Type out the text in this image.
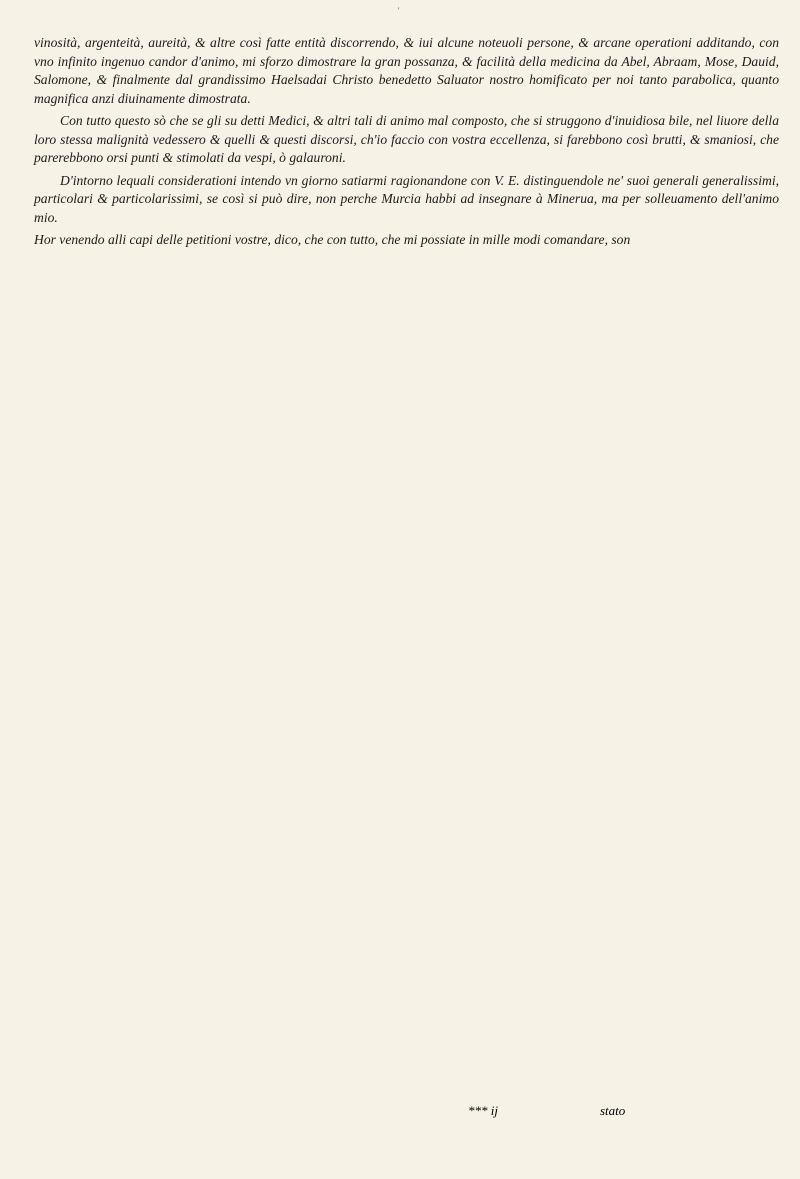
'

vinosità, argenteità, aureità, & altre così fatte entità discorrendo, & iui alcune noteuoli persone, & arcane operationi additando, con vno infinito ingenuo candor d'animo, mi sforzo dimostrare la gran possanza, & facilità della medicina da Abel, Abraam, Mose, Dauid, Salomone, & finalmente dal grandissimo Haelsadai Christo benedetto Saluator nostro homificato per noi tanto parabolica, quanto magnifica anzi diuinamente dimostrata.

Con tutto questo sò che se gli su detti Medici, & altri tali di animo mal composto, che si struggono d'inuidiosa bile, nel liuore della loro stessa malignità vedessero & quelli & questi discorsi, ch'io faccio con vostra eccellenza, si farebbono così brutti, & smaniosi, che parerebbono orsi punti & stimolati da vespi, ò galauroni.

D'intorno lequali considerationi intendo vn giorno satiarmi ragionandone con V. E. distinguendole ne' suoi generali generalissimi, particolari & particolarissimi, se così si può dire, non perche Murcia habbi ad insegnare à Minerua, ma per solleuamento dell'animo mio.

Hor venendo alli capi delle petitioni vostre, dico, che con tutto, che mi possiate in mille modi comandare, son

*** ij	stato
